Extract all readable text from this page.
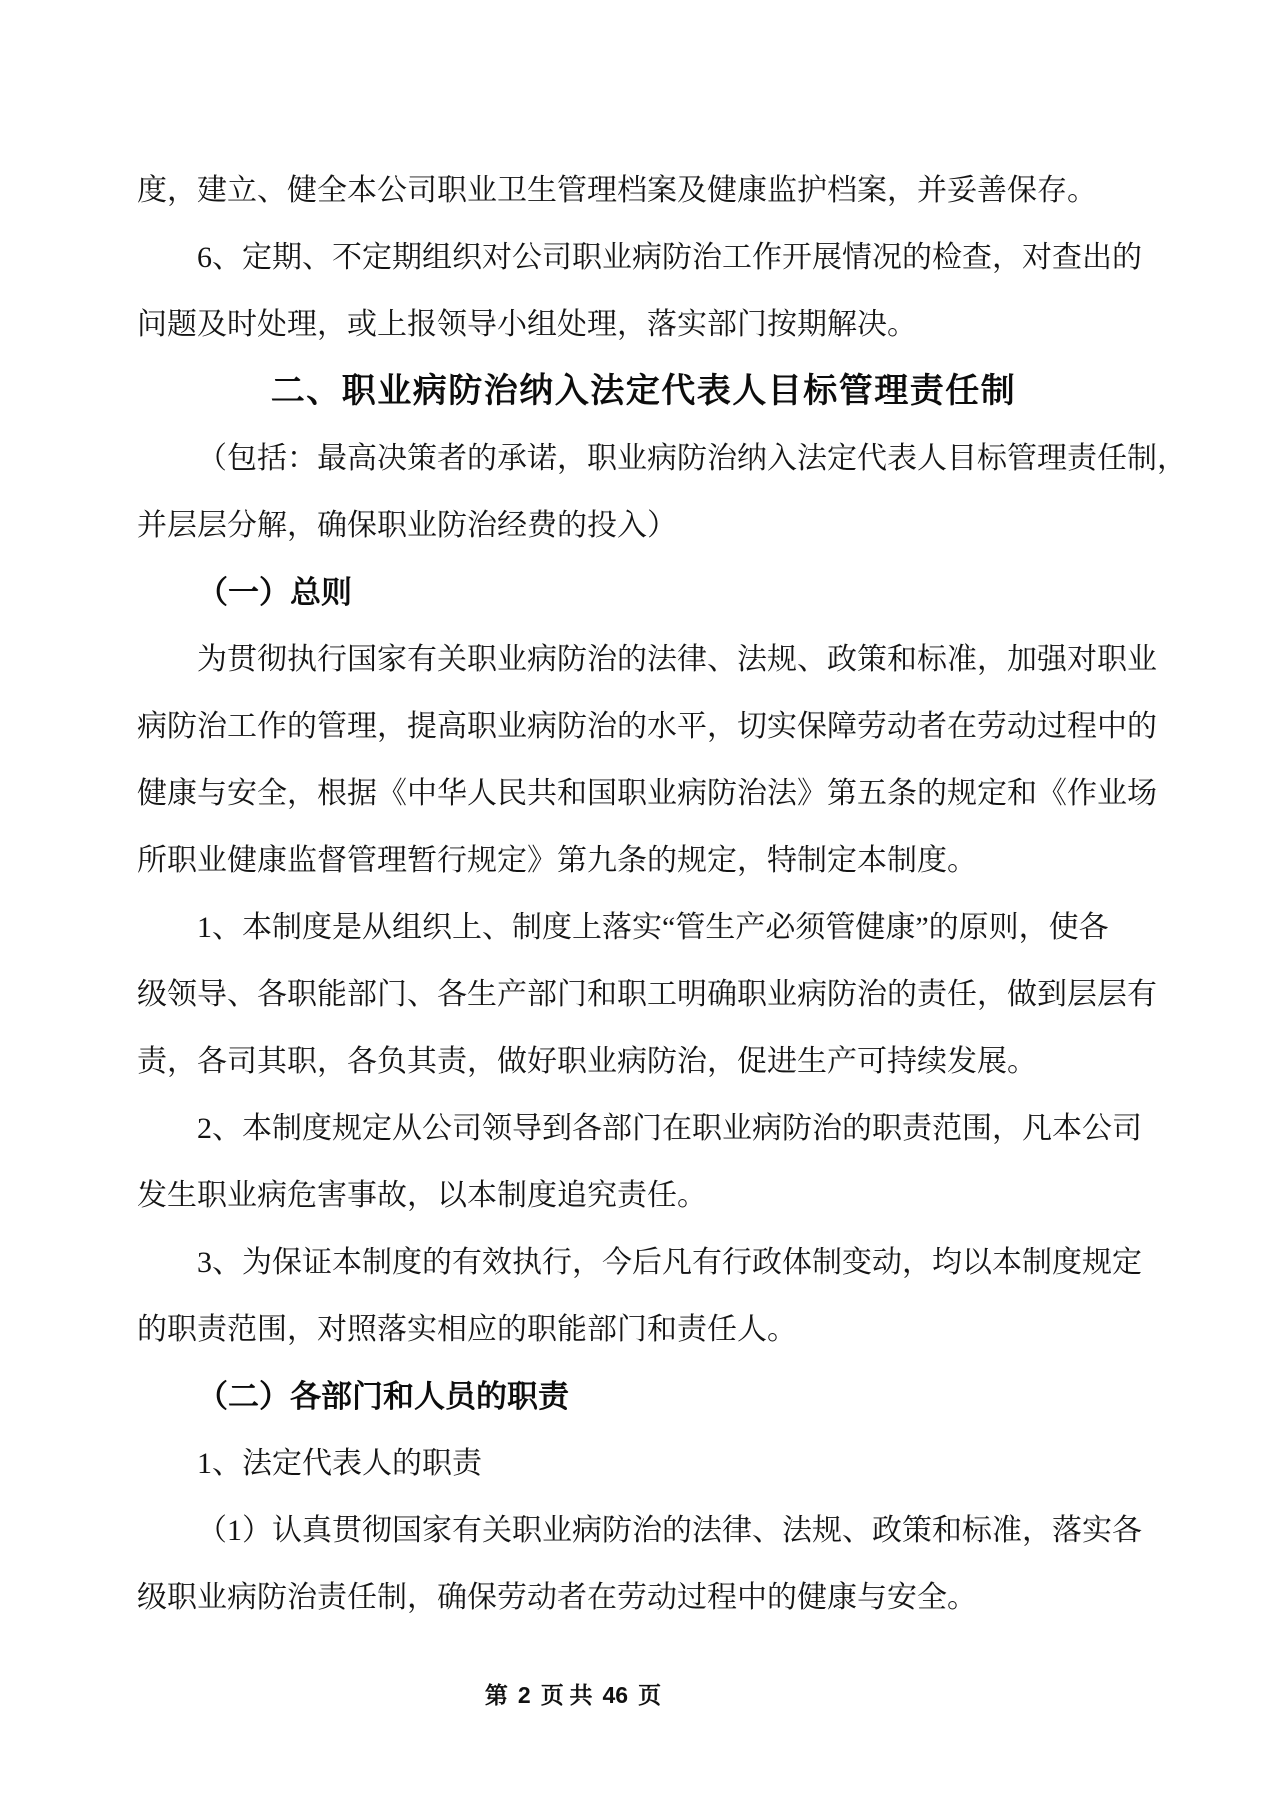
度，建立、健全本公司职业卫生管理档案及健康监护档案，并妥善保存。
6、定期、不定期组织对公司职业病防治工作开展情况的检查，对查出的
问题及时处理，或上报领导小组处理，落实部门按期解决。
二、职业病防治纳入法定代表人目标管理责任制
（包括：最高决策者的承诺，职业病防治纳入法定代表人目标管理责任制，
并层层分解，确保职业防治经费的投入）
（一）总则
为贯彻执行国家有关职业病防治的法律、法规、政策和标准，加强对职业
病防治工作的管理，提高职业病防治的水平，切实保障劳动者在劳动过程中的
健康与安全，根据《中华人民共和国职业病防治法》第五条的规定和《作业场
所职业健康监督管理暂行规定》第九条的规定，特制定本制度。
1、本制度是从组织上、制度上落实“管生产必须管健康”的原则，使各
级领导、各职能部门、各生产部门和职工明确职业病防治的责任，做到层层有
责，各司其职，各负其责，做好职业病防治，促进生产可持续发展。
2、本制度规定从公司领导到各部门在职业病防治的职责范围，凡本公司
发生职业病危害事故，以本制度追究责任。
3、为保证本制度的有效执行，今后凡有行政体制变动，均以本制度规定
的职责范围，对照落实相应的职能部门和责任人。
（二）各部门和人员的职责
1、法定代表人的职责
（1）认真贯彻国家有关职业病防治的法律、法规、政策和标准，落实各
级职业病防治责任制，确保劳动者在劳动过程中的健康与安全。
第 2 页 共 46 页
